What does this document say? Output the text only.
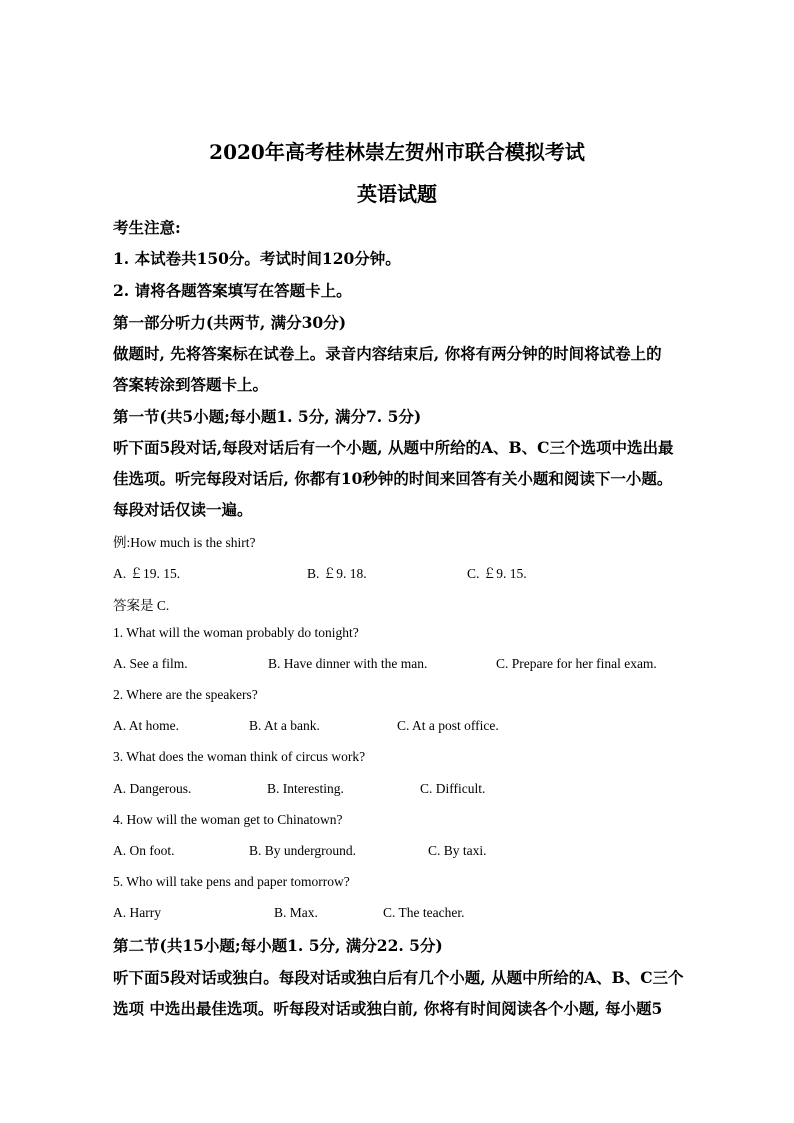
2020年高考桂林崇左贺州市联合模拟考试
英语试题
考生注意:
1. 本试卷共150分。考试时间120分钟。
2. 请将各题答案填写在答题卡上。
第一部分听力(共两节, 满分30分)
做题时, 先将答案标在试卷上。录音内容结束后, 你将有两分钟的时间将试卷上的
答案转涂到答题卡上。
第一节(共5小题;每小题1. 5分, 满分7. 5分)
听下面5段对话,每段对话后有一个小题, 从题中所给的A、B、C三个选项中选出最
佳选项。听完每段对话后, 你都有10秒钟的时间来回答有关小题和阅读下一小题。
每段对话仅读一遍。
例:How much is the shirt?
A. ￡19. 15.	B. ￡9. 18.	C. ￡9. 15.
答案是 C.
1. What will the woman probably do tonight?
A. See a film.	B. Have dinner with the man.	C. Prepare for her final exam.
2. Where are the speakers?
A. At home.	B. At a bank.	C. At a post office.
3. What does the woman think of circus work?
A. Dangerous.	B. Interesting.	C. Difficult.
4. How will the woman get to Chinatown?
A. On foot.	B. By underground.	C. By taxi.
5. Who will take pens and paper tomorrow?
A. Harry	B. Max.	C. The teacher.
第二节(共15小题;每小题1. 5分, 满分22. 5分)
听下面5段对话或独白。每段对话或独白后有几个小题, 从题中所给的A、B、C三个
选项 中选出最佳选项。听每段对话或独白前, 你将有时间阅读各个小题, 每小题5
